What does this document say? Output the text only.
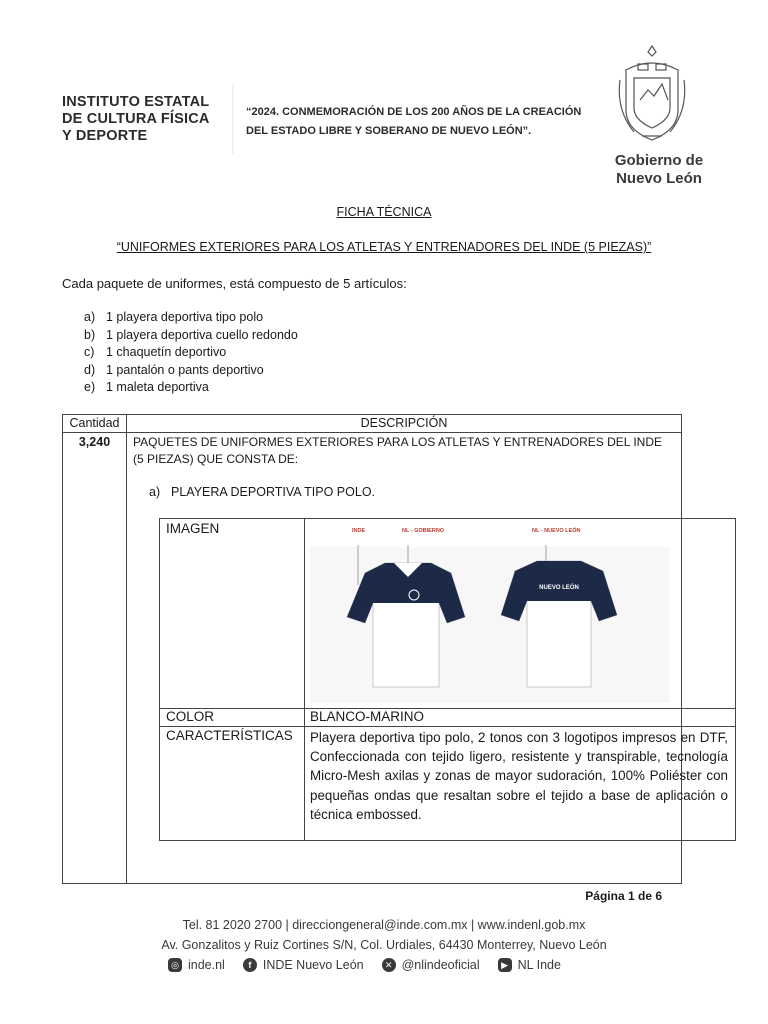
INSTITUTO ESTATAL
DE CULTURA FÍSICA
Y DEPORTE
“2024. CONMEMORACIÓN DE LOS 200 AÑOS DE LA CREACIÓN
DEL ESTADO LIBRE Y SOBERANO DE NUEVO LEÓN”.
Gobierno de
Nuevo León
FICHA TÉCNICA
“UNIFORMES EXTERIORES PARA LOS ATLETAS Y ENTRENADORES DEL INDE (5 PIEZAS)”
Cada paquete de uniformes, está compuesto de 5 artículos:
a) 1 playera deportiva tipo polo
b) 1 playera deportiva cuello redondo
c) 1 chaquetín deportivo
d) 1 pantalón o pants deportivo
e) 1 maleta deportiva
Cantidad	DESCRIPCIÓN
3,240	PAQUETES DE UNIFORMES EXTERIORES PARA LOS ATLETAS Y ENTRENADORES DEL INDE (5 PIEZAS) QUE CONSTA DE:
a) PLAYERA DEPORTIVA TIPO POLO.
IMAGEN	INDE	NL - GOBIERNO	NL - NUEVO LEÓN
NUEVO LEÓN
COLOR	BLANCO-MARINO
CARACTERÍSTICAS Playera deportiva tipo polo, 2 tonos con 3 logotipos impresos en DTF, Confeccionada con tejido ligero, resistente y transpirable, tecnología Micro-Mesh axilas y zonas de mayor sudoración, 100% Poliéster con pequeñas ondas que resaltan sobre el tejido a base de aplicación o técnica embossed.
Página 1 de 6
Tel. 81 2020 2700 | direcciongeneral@inde.com.mx | www.indenl.gob.mx
Av. Gonzalitos y Ruiz Cortines S/N, Col. Urdiales, 64430 Monterrey, Nuevo León
◎ inde.nl	f INDE Nuevo León	✕ @nlindeoficial	▶ NL Inde
